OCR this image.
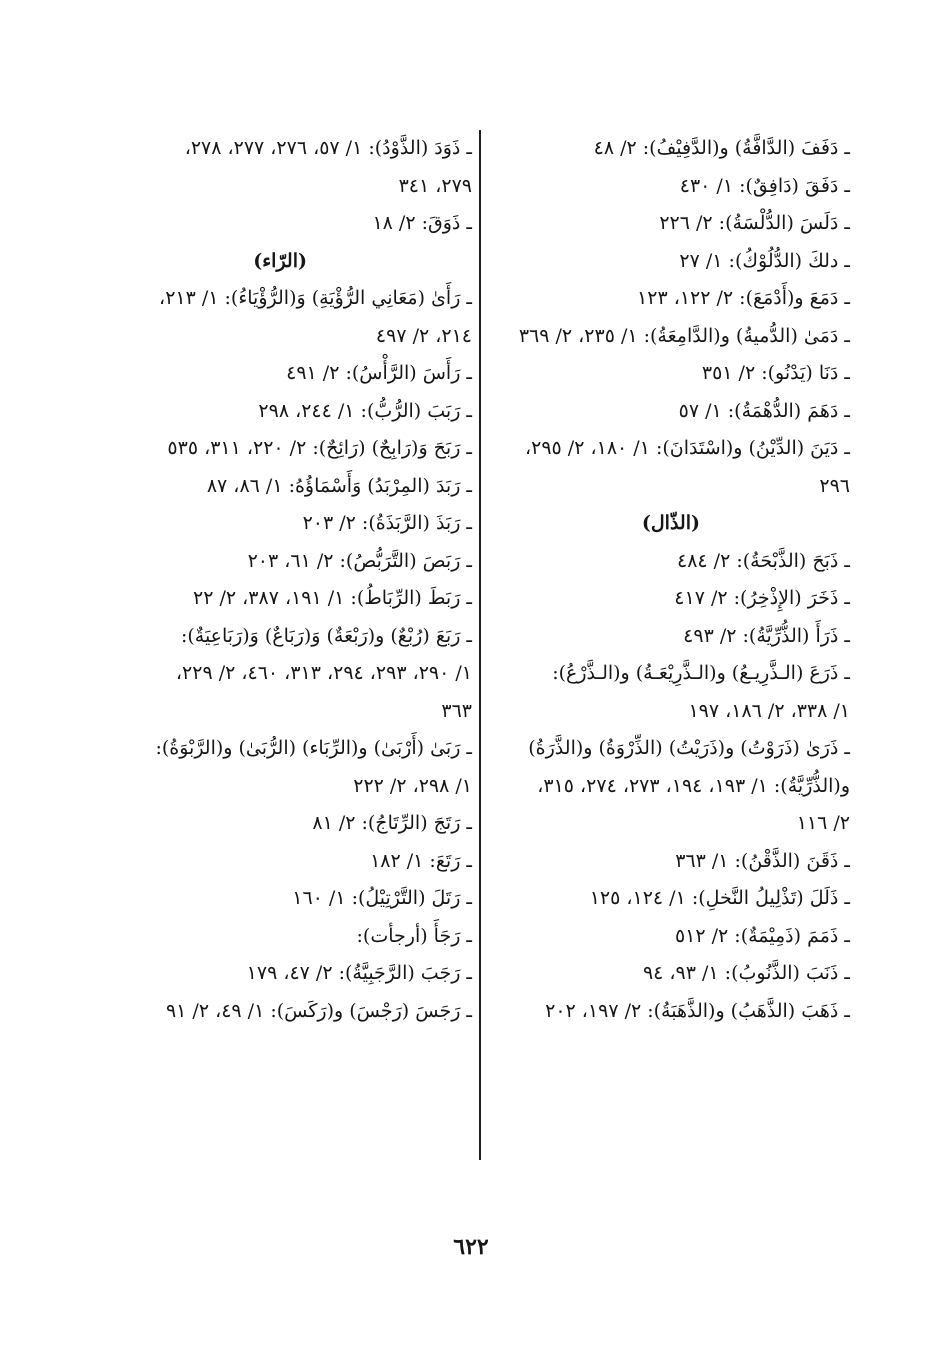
ـ دَفَفَ (الدَّافَّةُ) و(الدَّفِيْفُ): ٢/ ٤٨
ـ دَفَقَ (دَافِقٌ): ١/ ٤٣٠
ـ دَلَسَ (الدُّلْسَةُ): ٢/ ٢٢٦
ـ دلكَ (الدُّلُوْكُ): ١/ ٢٧
ـ دَمَعَ و(أَدْمَعَ): ٢/ ١٢٢، ١٢٣
ـ دَمَىٰ (الدُّميةُ) و(الدَّامِعَةُ): ١/ ٢٣٥، ٢/ ٣٦٩
ـ دَنَا (يَدْنُو): ٢/ ٣٥١
ـ دَهَمَ (الدُّهْمَةُ): ١/ ٥٧
ـ دَيَنَ (الدِّيْنُ) و(اسْتَدَانَ): ١/ ١٨٠، ٢/ ٢٩٥،
٢٩٦
(الذّال)
ـ ذَبَحَ (الذَّبْحَةُ): ٢/ ٤٨٤
ـ ذَخَرَ (الإِذْخِرُ): ٢/ ٤١٧
ـ ذَرَأَ (الذُّرِّيَّةُ): ٢/ ٤٩٣
ـ ذَرَعَ (الـذَّرِيـعُ) و(الـذَّرِيْعَـةُ) و(الـذَّرْعُ):
١/ ٣٣٨، ٢/ ١٨٦، ١٩٧
ـ ذَرَىٰ (ذَرَوْتُ) و(ذَرَيْتُ) (الذِّرْوَةُ) و(الذَّرَةُ)
و(الذُّرِّيَّةُ): ١/ ١٩٣، ١٩٤، ٢٧٣، ٢٧٤، ٣١٥،
٢/ ١١٦
ـ ذَقَنَ (الذَّقْنُ): ١/ ٣٦٣
ـ ذَلَلَ (تَذْلِيلُ النَّخلِ): ١/ ١٢٤، ١٢٥
ـ ذَمَمَ (ذَمِيْمَةٌ): ٢/ ٥١٢
ـ ذَنَبَ (الذَّنُوبُ): ١/ ٩٣، ٩٤
ـ ذَهَبَ (الذَّهَبُ) و(الذَّهَبَةُ): ٢/ ١٩٧، ٢٠٢
ـ ذَوَدَ (الذَّوْدُ): ١/ ٥٧، ٢٧٦، ٢٧٧، ٢٧٨،
٢٧٩، ٣٤١
ـ ذَوَقَ: ٢/ ١٨
(الرّاء)
ـ رَأَىٰ (مَعَانِي الرُّؤْيَةِ) وَ(الرُّؤْيَاءُ): ١/ ٢١٣،
٢١٤، ٢/ ٤٩٧
ـ رَأَسَ (الرَّأْسُ): ٢/ ٤٩١
ـ رَبَبَ (الرُّبُّ): ١/ ٢٤٤، ٢٩٨
ـ رَبَحَ وَ(رَابِحٌ) (رَائِحٌ): ٢/ ٢٢٠، ٣١١، ٥٣٥
ـ رَبَدَ (المِرْبَدُ) وَأَسْمَاؤُهُ: ١/ ٨٦، ٨٧
ـ رَبَذَ (الرَّبَذَةُ): ٢/ ٢٠٣
ـ رَبَصَ (التَّرَبُّصُ): ٢/ ٦١، ٢٠٣
ـ رَبَطَ (الرِّبَاطُ): ١/ ١٩١، ٣٨٧، ٢/ ٢٢
ـ رَبَعَ (رُبْعٌ) و(رَبْعَةٌ) وَ(رَبَاعٌ) وَ(رَبَاعِيَةٌ):
١/ ٢٩٠، ٢٩٣، ٢٩٤، ٣١٣، ٤٦٠، ٢/ ٢٢٩،
٣٦٣
ـ رَبَىٰ (أَرْبَىٰ) و(الرِّبَاء) (الرُّبَىٰ) و(الرَّبْوَةُ):
١/ ٢٩٨، ٢/ ٢٢٢
ـ رَتَجَ (الرِّتَاجُ): ٢/ ٨١
ـ رَتَعَ: ١/ ١٨٢
ـ رَتَلَ (التَّرْتِيْلُ): ١/ ١٦٠
ـ رَجَأَ (أرجأت):
ـ رَجَبَ (الرَّجَبِيَّةُ): ٢/ ٤٧، ١٧٩
ـ رَجَسَ (رَجْسَ) و(رَكَسَ): ١/ ٤٩، ٢/ ٩١
٦٢٢
